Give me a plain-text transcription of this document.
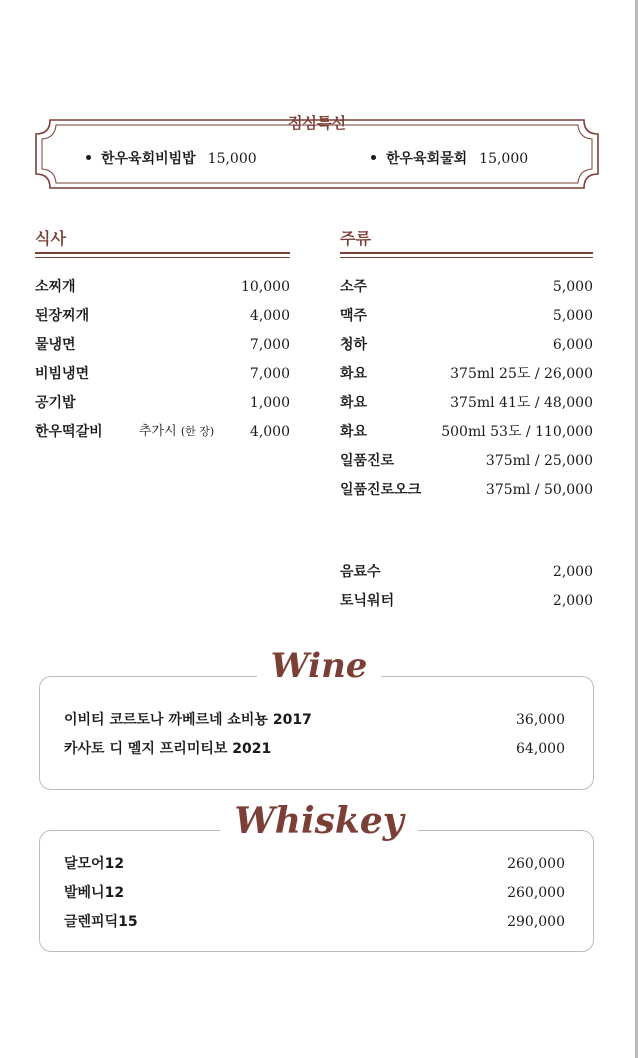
점심특선
한우육회비빔밥 15,000	한우육회물회 15,000
식사
소찌개	10,000
된장찌개	4,000
물냉면	7,000
비빔냉면	7,000
공기밥	1,000
한우떡갈비	추가시 (한 장)	4,000
주류
소주	5,000
맥주	5,000
청하	6,000
화요	375ml 25도 / 26,000
화요	375ml 41도 / 48,000
화요	500ml 53도 / 110,000
일품진로	375ml / 25,000
일품진로오크	375ml / 50,000
음료수	2,000
토닉워터	2,000
이비티 코르토나 까베르네 쇼비뇽 2017	36,000
카사토 디 멜지 프리미티보 2021	64,000
Wine
달모어12	260,000
발베니12	260,000
글렌피딕15	290,000
Whiskey
